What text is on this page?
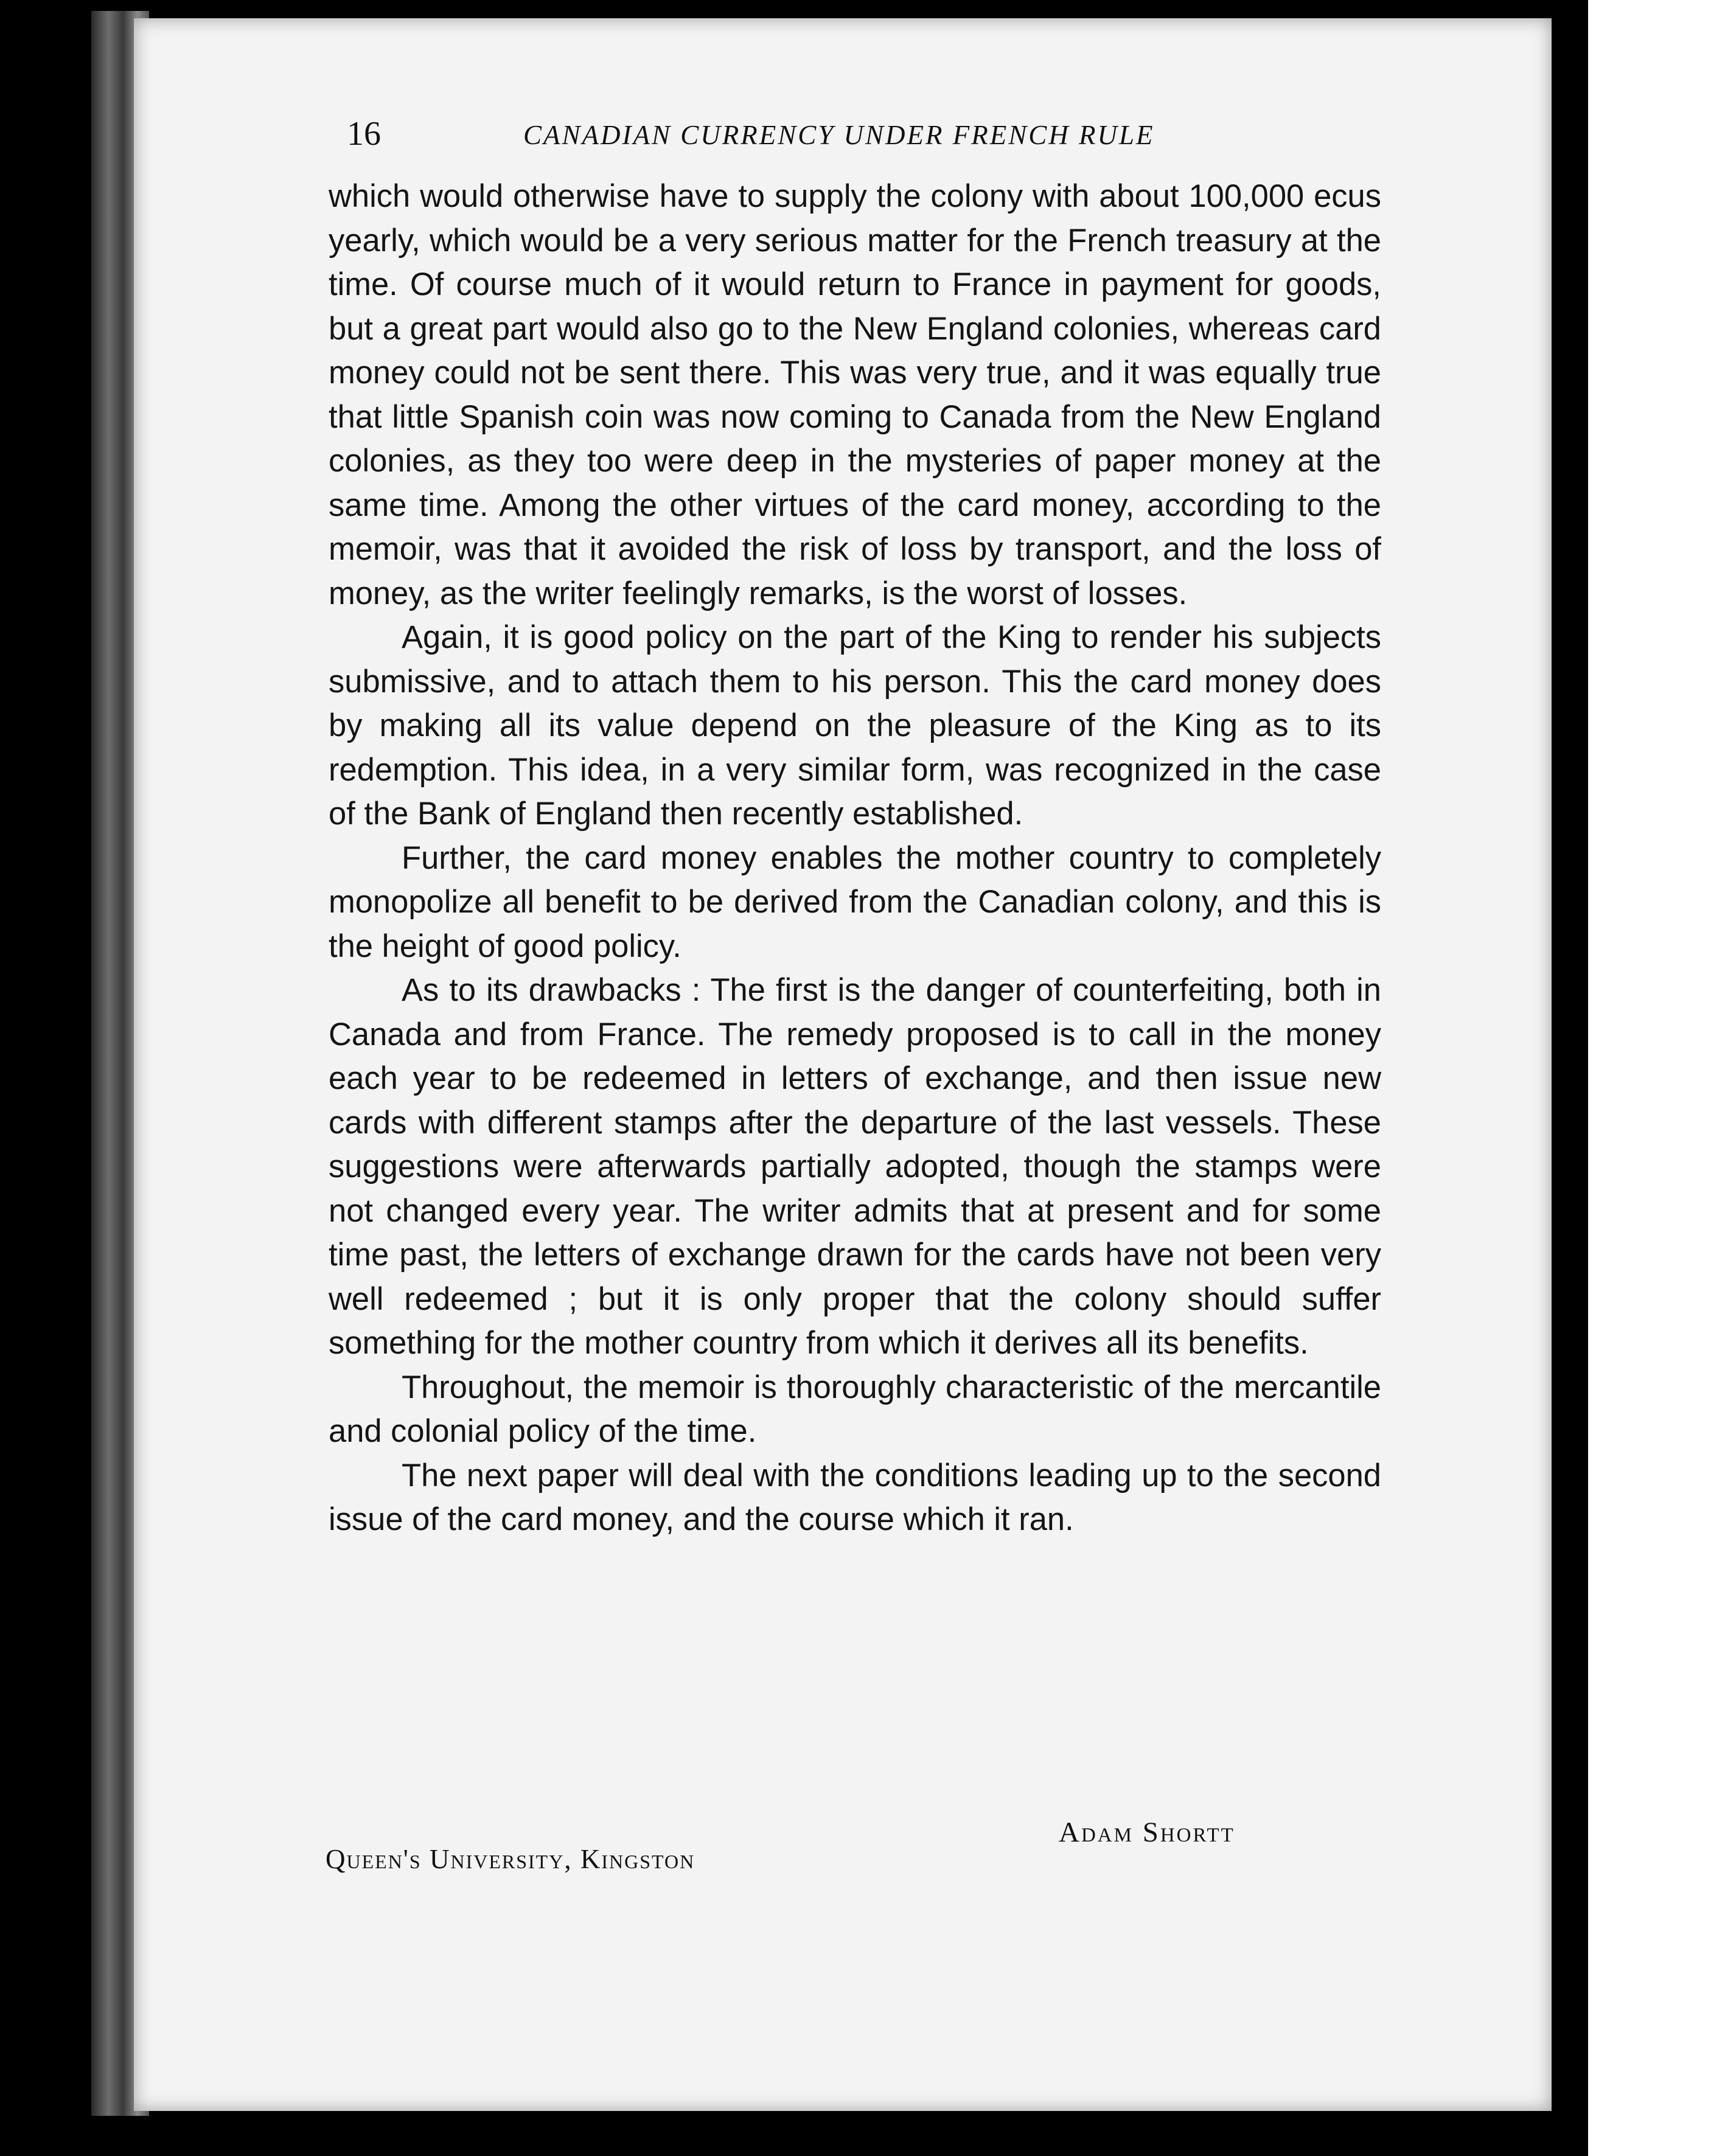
16	CANADIAN CURRENCY UNDER FRENCH RULE

which would otherwise have to supply the colony with about 100,000 ecus yearly, which would be a very serious matter for the French treasury at the time. Of course much of it would return to France in payment for goods, but a great part would also go to the New England colonies, whereas card money could not be sent there. This was very true, and it was equally true that little Spanish coin was now coming to Canada from the New England colonies, as they too were deep in the mysteries of paper money at the same time. Among the other virtues of the card money, according to the memoir, was that it avoided the risk of loss by transport, and the loss of money, as the writer feelingly remarks, is the worst of losses.

Again, it is good policy on the part of the King to render his subjects submissive, and to attach them to his person. This the card money does by making all its value depend on the pleasure of the King as to its redemption. This idea, in a very similar form, was recognized in the case of the Bank of England then recently established.

Further, the card money enables the mother country to completely monopolize all benefit to be derived from the Canadian colony, and this is the height of good policy.

As to its drawbacks : The first is the danger of counterfeiting, both in Canada and from France. The remedy proposed is to call in the money each year to be redeemed in letters of exchange, and then issue new cards with different stamps after the departure of the last vessels. These suggestions were afterwards partially adopted, though the stamps were not changed every year. The writer admits that at present and for some time past, the letters of exchange drawn for the cards have not been very well redeemed ; but it is only proper that the colony should suffer something for the mother country from which it derives all its benefits.

Throughout, the memoir is thoroughly characteristic of the mercantile and colonial policy of the time.

The next paper will deal with the conditions leading up to the second issue of the card money, and the course which it ran.

Adam Shortt
Queen's University, Kingston
